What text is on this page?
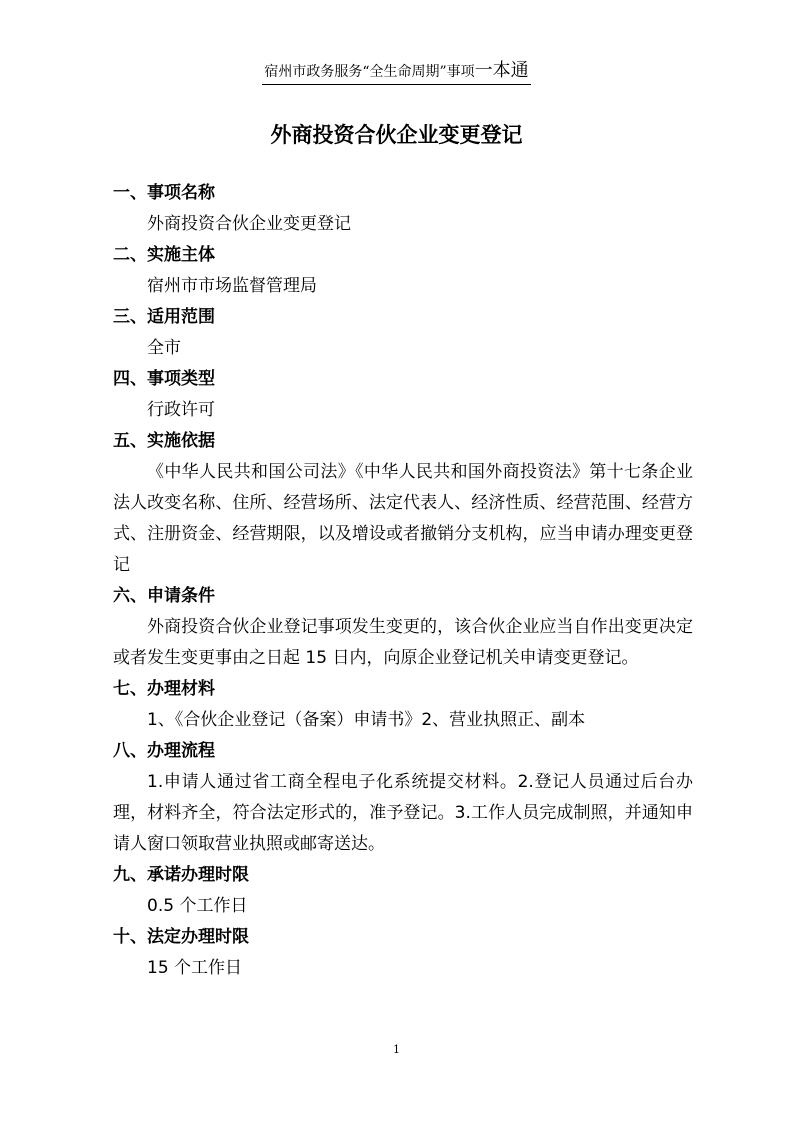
宿州市政务服务“全生命周期”事项一本通
外商投资合伙企业变更登记

一、事项名称

外商投资合伙企业变更登记

二、实施主体

宿州市市场监督管理局

三、适用范围

全市

四、事项类型

行政许可

五、实施依据

《中华人民共和国公司法》《中华人民共和国外商投资法》第十七条企业法人改变名称、住所、经营场所、法定代表人、经济性质、经营范围、经营方式、注册资金、经营期限，以及增设或者撤销分支机构，应当申请办理变更登记

六、申请条件

外商投资合伙企业登记事项发生变更的，该合伙企业应当自作出变更决定或者发生变更事由之日起 15 日内，向原企业登记机关申请变更登记。

七、办理材料

1、《合伙企业登记（备案）申请书》2、营业执照正、副本

八、办理流程

1.申请人通过省工商全程电子化系统提交材料。2.登记人员通过后台办理，材料齐全，符合法定形式的，准予登记。3.工作人员完成制照，并通知申请人窗口领取营业执照或邮寄送达。

九、承诺办理时限

0.5 个工作日

十、法定办理时限

15 个工作日

1
